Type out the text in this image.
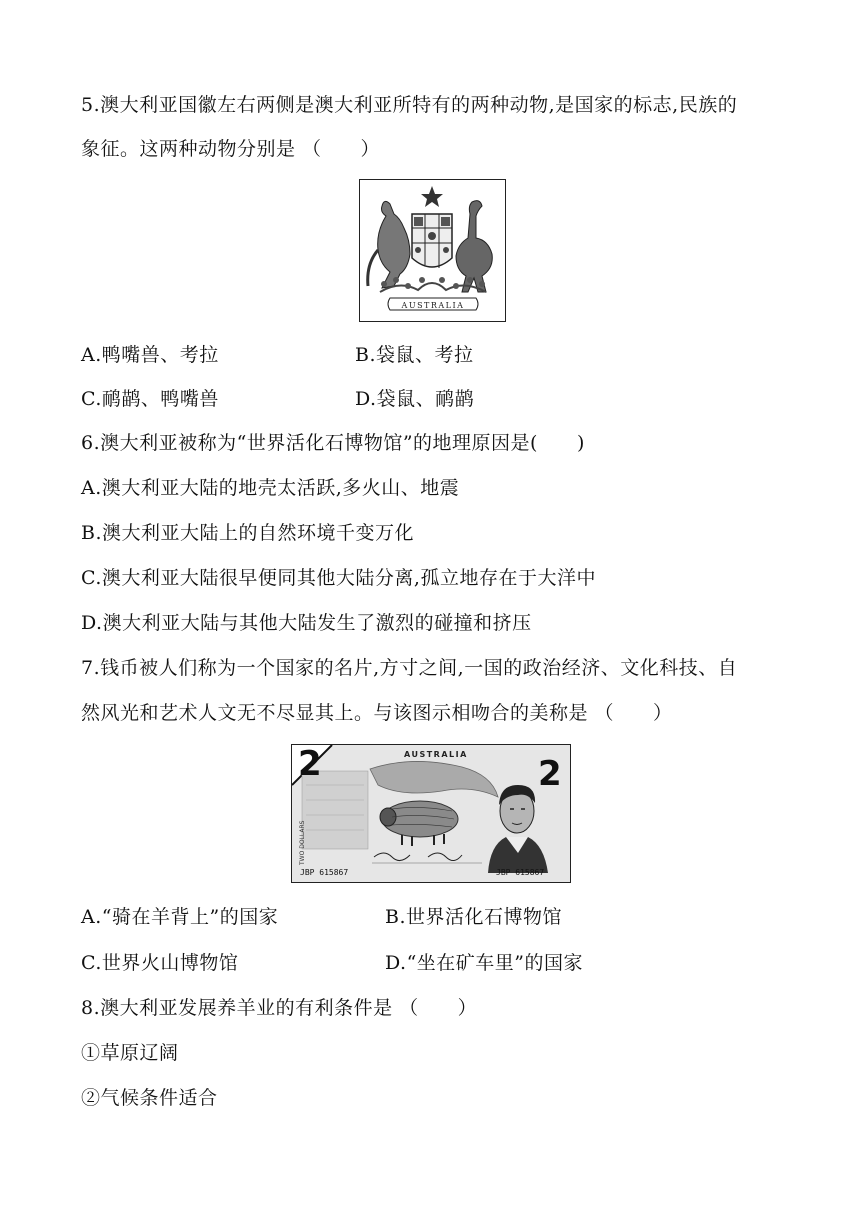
5.澳大利亚国徽左右两侧是澳大利亚所特有的两种动物,是国家的标志,民族的
象征。这两种动物分别是 （　　）
AUSTRALIA
A.鸭嘴兽、考拉	B.袋鼠、考拉
C.鸸鹋、鸭嘴兽	D.袋鼠、鸸鹋
6.澳大利亚被称为“世界活化石博物馆”的地理原因是(　　)
A.澳大利亚大陆的地壳太活跃,多火山、地震
B.澳大利亚大陆上的自然环境千变万化
C.澳大利亚大陆很早便同其他大陆分离,孤立地存在于大洋中
D.澳大利亚大陆与其他大陆发生了激烈的碰撞和挤压
7.钱币被人们称为一个国家的名片,方寸之间,一国的政治经济、文化科技、自
然风光和艺术人文无不尽显其上。与该图示相吻合的美称是 （　　）
2
TWO DOLLARS
AUSTRALIA 2
JBP 615867	JBP 615867
A.“骑在羊背上”的国家	B.世界活化石博物馆
C.世界火山博物馆	D.“坐在矿车里”的国家
8.澳大利亚发展养羊业的有利条件是 （　　）
①草原辽阔
②气候条件适合
